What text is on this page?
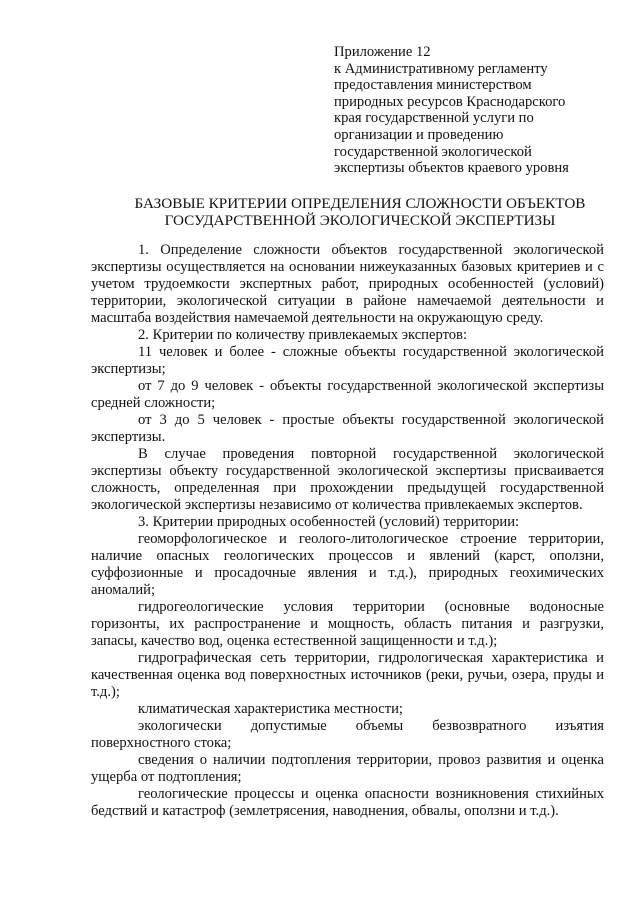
Приложение 12
к Административному регламенту
предоставления министерством
природных ресурсов Краснодарского
края государственной услуги по
организации и проведению
государственной экологической
экспертизы объектов краевого уровня
БАЗОВЫЕ КРИТЕРИИ ОПРЕДЕЛЕНИЯ СЛОЖНОСТИ ОБЪЕКТОВ
ГОСУДАРСТВЕННОЙ ЭКОЛОГИЧЕСКОЙ ЭКСПЕРТИЗЫ

1. Определение сложности объектов государственной экологической экспертизы осуществляется на основании нижеуказанных базовых критериев и с учетом трудоемкости экспертных работ, природных особенностей (условий) территории, экологической ситуации в районе намечаемой деятельности и масштаба воздействия намечаемой деятельности на окружающую среду.

2. Критерии по количеству привлекаемых экспертов:

11 человек и более - сложные объекты государственной экологической экспертизы;

от 7 до 9 человек - объекты государственной экологической экспертизы средней сложности;

от 3 до 5 человек - простые объекты государственной экологической экспертизы.

В случае проведения повторной государственной экологической экспертизы объекту государственной экологической экспертизы присваивается сложность, определенная при прохождении предыдущей государственной экологической экспертизы независимо от количества привлекаемых экспертов.

3. Критерии природных особенностей (условий) территории:

геоморфологическое и геолого-литологическое строение территории, наличие опасных геологических процессов и явлений (карст, оползни, суффозионные и просадочные явления и т.д.), природных геохимических аномалий;

гидрогеологические условия территории (основные водоносные горизонты, их распространение и мощность, область питания и разгрузки, запасы, качество вод, оценка естественной защищенности и т.д.);

гидрографическая сеть территории, гидрологическая характеристика и качественная оценка вод поверхностных источников (реки, ручьи, озера, пруды и т.д.);

климатическая характеристика местности;

экологически допустимые объемы безвозвратного изъятия поверхностного стока;

сведения о наличии подтопления территории, провоз развития и оценка ущерба от подтопления;

геологические процессы и оценка опасности возникновения стихийных бедствий и катастроф (землетрясения, наводнения, обвалы, оползни и т.д.).
